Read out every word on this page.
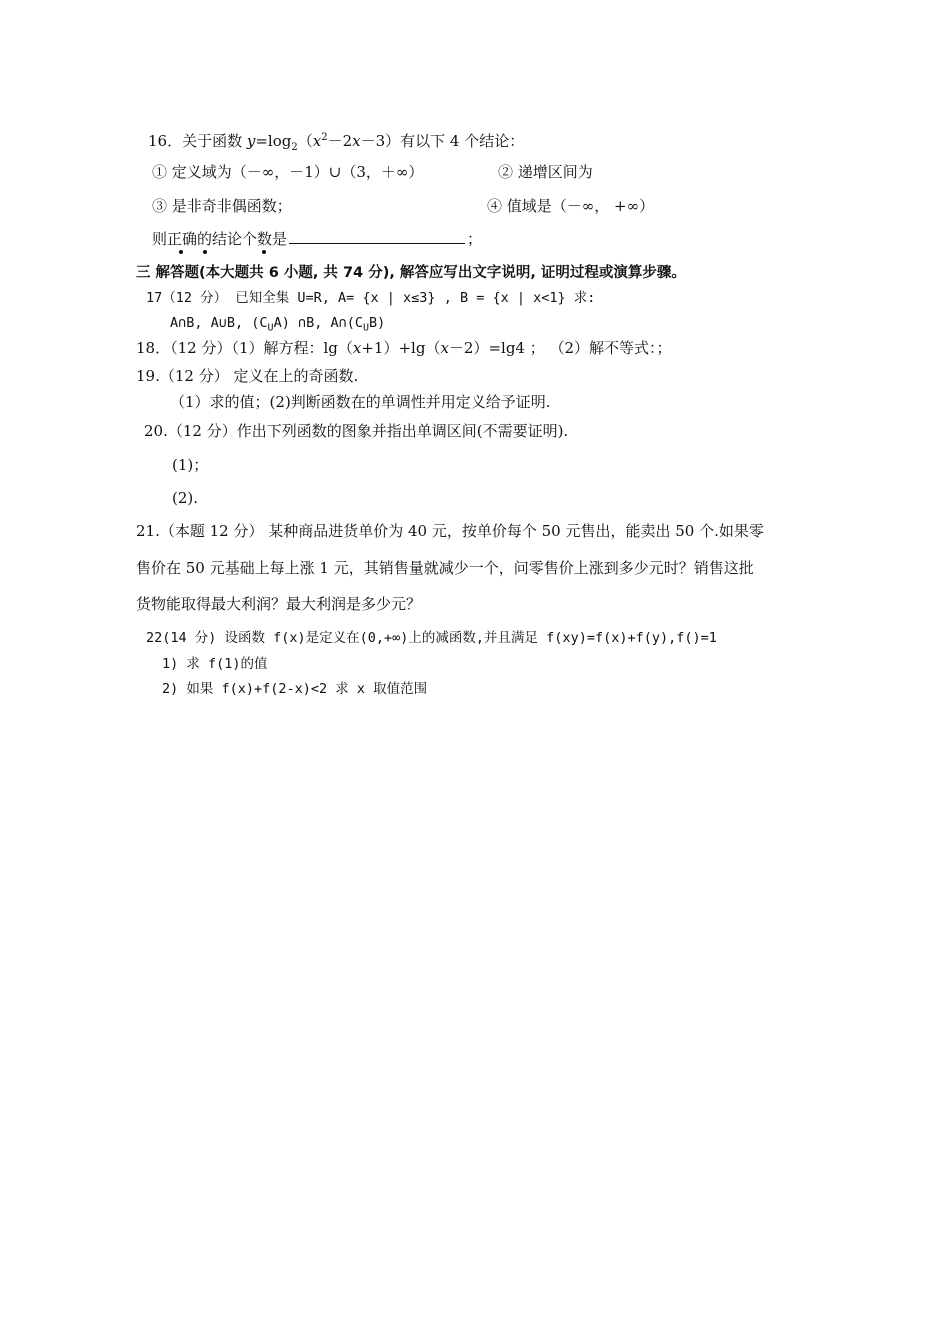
16．关于函数 $y=\log_2(x^2-2x-3)$有以下 4 个结论：
① 定义域为（－∞，－1）∪（3，＋∞）	② 递增区间为
③ 是非奇非偶函数；	④ 值域是（－∞， +∞）
则正确的结论个数是	；
三 解答题(本大题共 6 小题, 共 74 分), 解答应写出文字说明, 证明过程或演算步骤。
17（12 分） 已知全集 U=R, A= {x | x≤3} , B = {x | x<1} 求:
A∩B, A∪B, $(C_UA)$ ∩B, $A\cap(C_UB)$
18．（12 分）（1）解方程：lg（x+1）+lg（x－2）=lg4 ； （2）解不等式：；
19.（12 分） 定义在上的奇函数.
（1）求的值；(2)判断函数在的单调性并用定义给予证明.
20.（12 分）作出下列函数的图象并指出单调区间(不需要证明).
(1)；
(2).
21.（本题 12 分） 某种商品进货单价为 40 元，按单价每个 50 元售出，能卖出 50 个.如果零
售价在 50 元基础上每上涨 1 元，其销售量就减少一个，问零售价上涨到多少元时？销售这批
货物能取得最大利润？最大利润是多少元？
22(14 分) 设函数 f(x)是定义在(0,+∞)上的减函数,并且满足 f(xy)=f(x)+f(y),f()=1
1) 求 f(1)的值
2) 如果 f(x)+f(2-x)<2 求 x 取值范围
